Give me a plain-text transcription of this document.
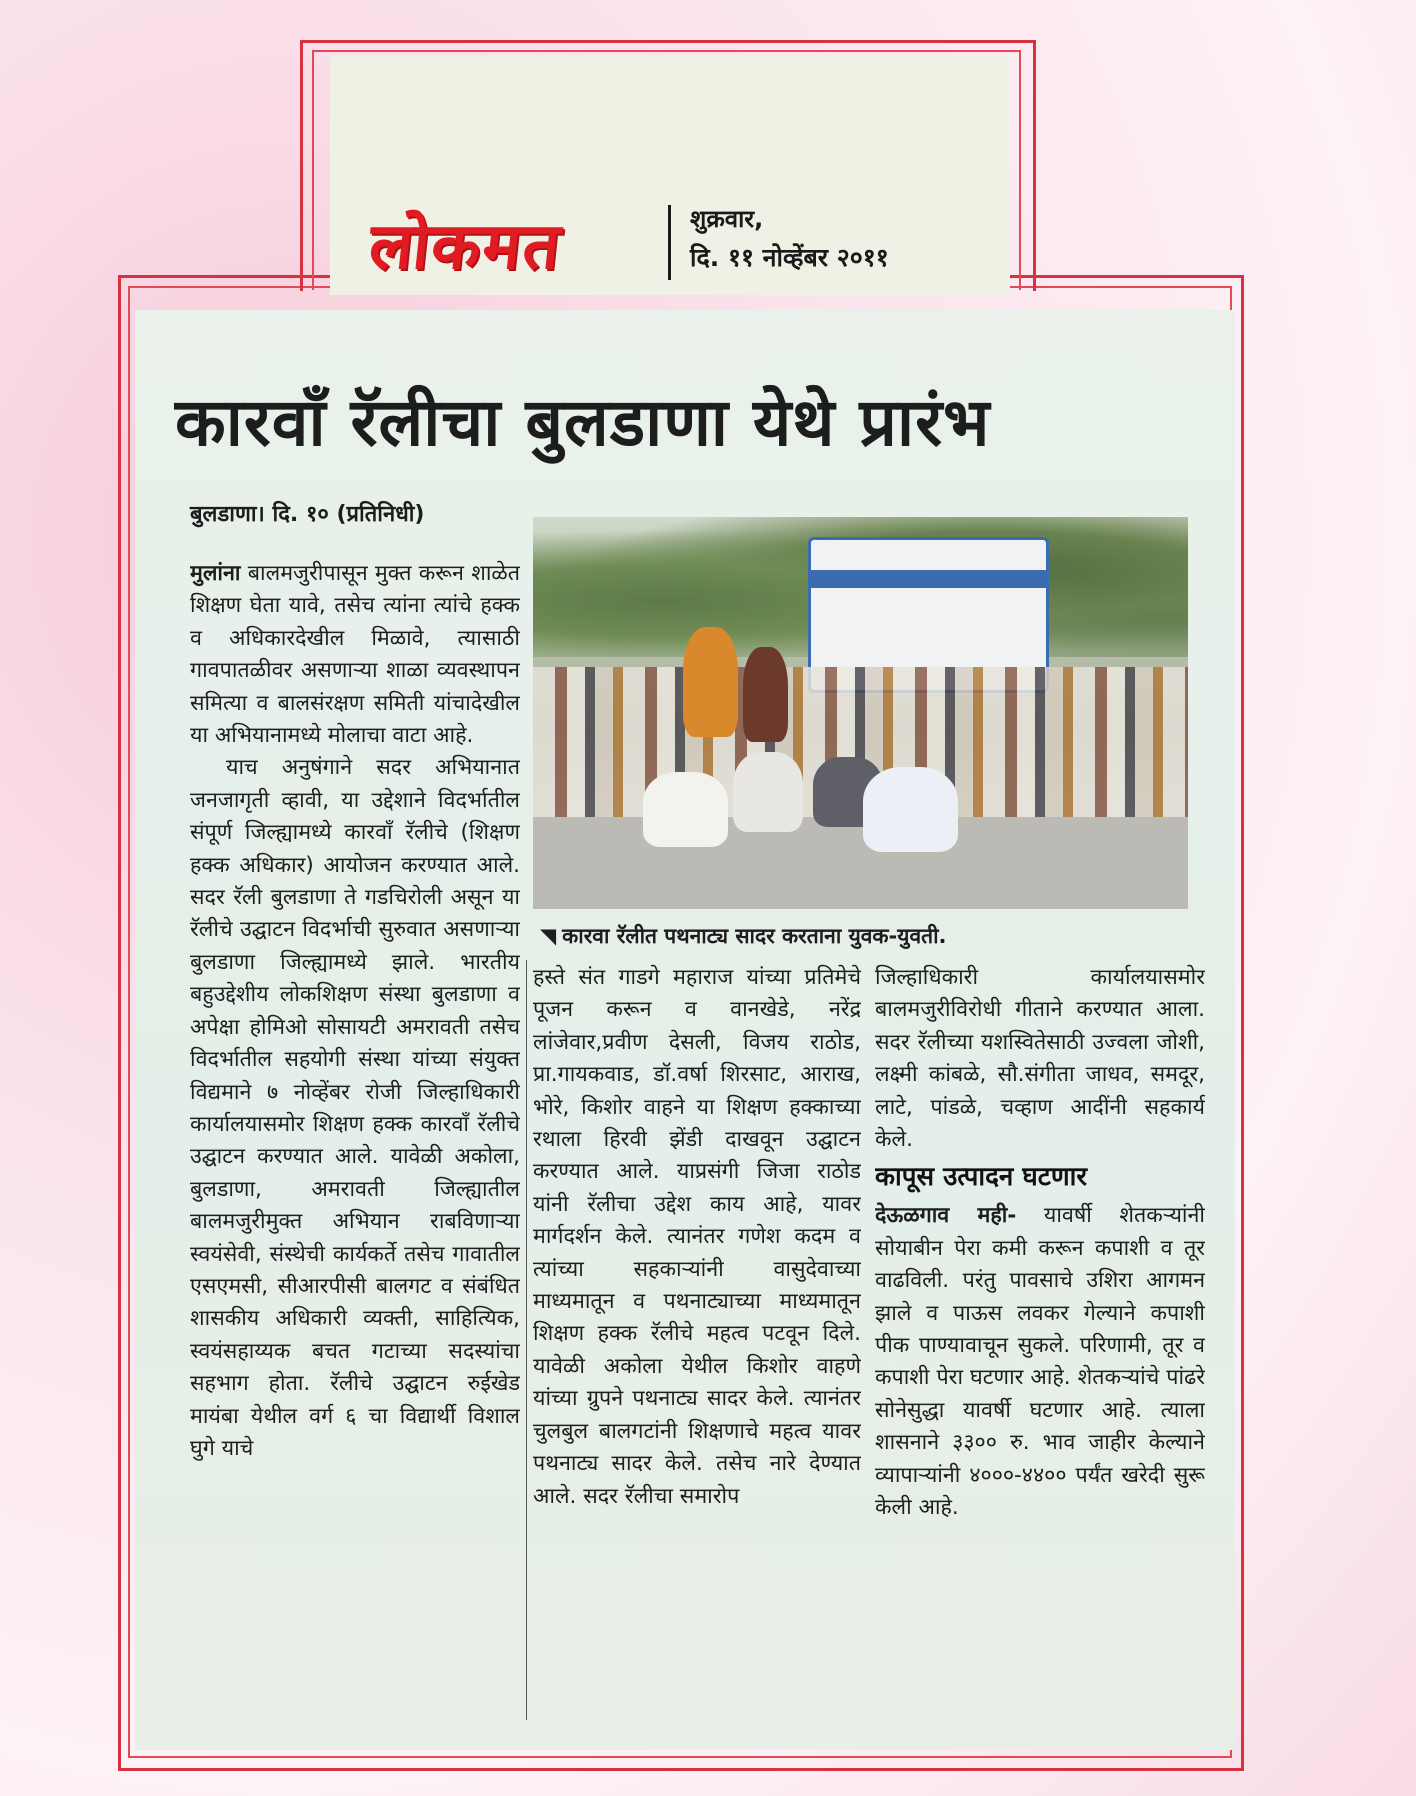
लोकमत	शुक्रवार,
दि. ११ नोव्हेंबर २०११
कारवाँ रॅलीचा बुलडाणा येथे प्रारंभ
बुलडाणा। दि. १० (प्रतिनिधी)

मुलांना बालमजुरीपासून मुक्त करून शाळेत शिक्षण घेता यावे, तसेच त्यांना त्यांचे हक्क व अधिकारदेखील मिळावे, त्यासाठी गावपातळीवर असणाऱ्या शाळा व्यवस्थापन समित्या व बालसंरक्षण समिती यांचादेखील या अभियानामध्ये मोलाचा वाटा आहे.

याच अनुषंगाने सदर अभियानात जनजागृती व्हावी, या उद्देशाने विदर्भातील संपूर्ण जिल्ह्यामध्ये कारवाँ रॅलीचे (शिक्षण हक्क अधिकार) आयोजन करण्यात आले. सदर रॅली बुलडाणा ते गडचिरोली असून या रॅलीचे उद्घाटन विदर्भाची सुरुवात असणाऱ्या बुलडाणा जिल्ह्यामध्ये झाले. भारतीय बहुउद्देशीय लोकशिक्षण संस्था बुलडाणा व अपेक्षा होमिओ सोसायटी अमरावती तसेच विदर्भातील सहयोगी संस्था यांच्या संयुक्त विद्यमाने ७ नोव्हेंबर रोजी जिल्हाधिकारी कार्यालयासमोर शिक्षण हक्क कारवाँ रॅलीचे उद्घाटन करण्यात आले. यावेळी अकोला, बुलडाणा, अमरावती जिल्ह्यातील बालमजुरीमुक्त अभियान राबविणाऱ्या स्वयंसेवी, संस्थेची कार्यकर्ते तसेच गावातील एसएमसी, सीआरपीसी बालगट व संबंधित शासकीय अधिकारी व्यक्ती, साहित्यिक, स्वयंसहाय्यक बचत गटाच्या सदस्यांचा सहभाग होता. रॅलीचे उद्घाटन रुईखेड मायंबा येथील वर्ग ६ चा विद्यार्थी विशाल घुगे याचे

◥ कारवा रॅलीत पथनाट्य सादर करताना युवक-युवती.

हस्ते संत गाडगे महाराज यांच्या प्रतिमेचे पूजन करून व वानखेडे, नरेंद्र लांजेवार,प्रवीण देसली, विजय राठोड, प्रा.गायकवाड, डॉ.वर्षा शिरसाट, आराख, भोरे, किशोर वाहने या शिक्षण हक्काच्या रथाला हिरवी झेंडी दाखवून उद्घाटन करण्यात आले. याप्रसंगी जिजा राठोड यांनी रॅलीचा उद्देश काय आहे, यावर मार्गदर्शन केले. त्यानंतर गणेश कदम व त्यांच्या सहकाऱ्यांनी वासुदेवाच्या माध्यमातून व पथनाट्याच्या माध्यमातून शिक्षण हक्क रॅलीचे महत्व पटवून दिले. यावेळी अकोला येथील किशोर वाहणे यांच्या ग्रुपने पथनाट्य सादर केले. त्यानंतर चुलबुल बालगटांनी शिक्षणाचे महत्व यावर पथनाट्य सादर केले. तसेच नारे देण्यात आले. सदर रॅलीचा समारोप

जिल्हाधिकारी कार्यालयासमोर बालमजुरीविरोधी गीताने करण्यात आला. सदर रॅलीच्या यशस्वितेसाठी उज्वला जोशी, लक्ष्मी कांबळे, सौ.संगीता जाधव, समदूर, लाटे, पांडळे, चव्हाण आदींनी सहकार्य केले.

कापूस उत्पादन घटणार

देऊळगाव मही- यावर्षी शेतकऱ्यांनी सोयाबीन पेरा कमी करून कपाशी व तूर वाढविली. परंतु पावसाचे उशिरा आगमन झाले व पाऊस लवकर गेल्याने कपाशी पीक पाण्यावाचून सुकले. परिणामी, तूर व कपाशी पेरा घटणार आहे. शेतकऱ्यांचे पांढरे सोनेसुद्धा यावर्षी घटणार आहे. त्याला शासनाने ३३०० रु. भाव जाहीर केल्याने व्यापाऱ्यांनी ४०००-४४०० पर्यंत खरेदी सुरू केली आहे.
